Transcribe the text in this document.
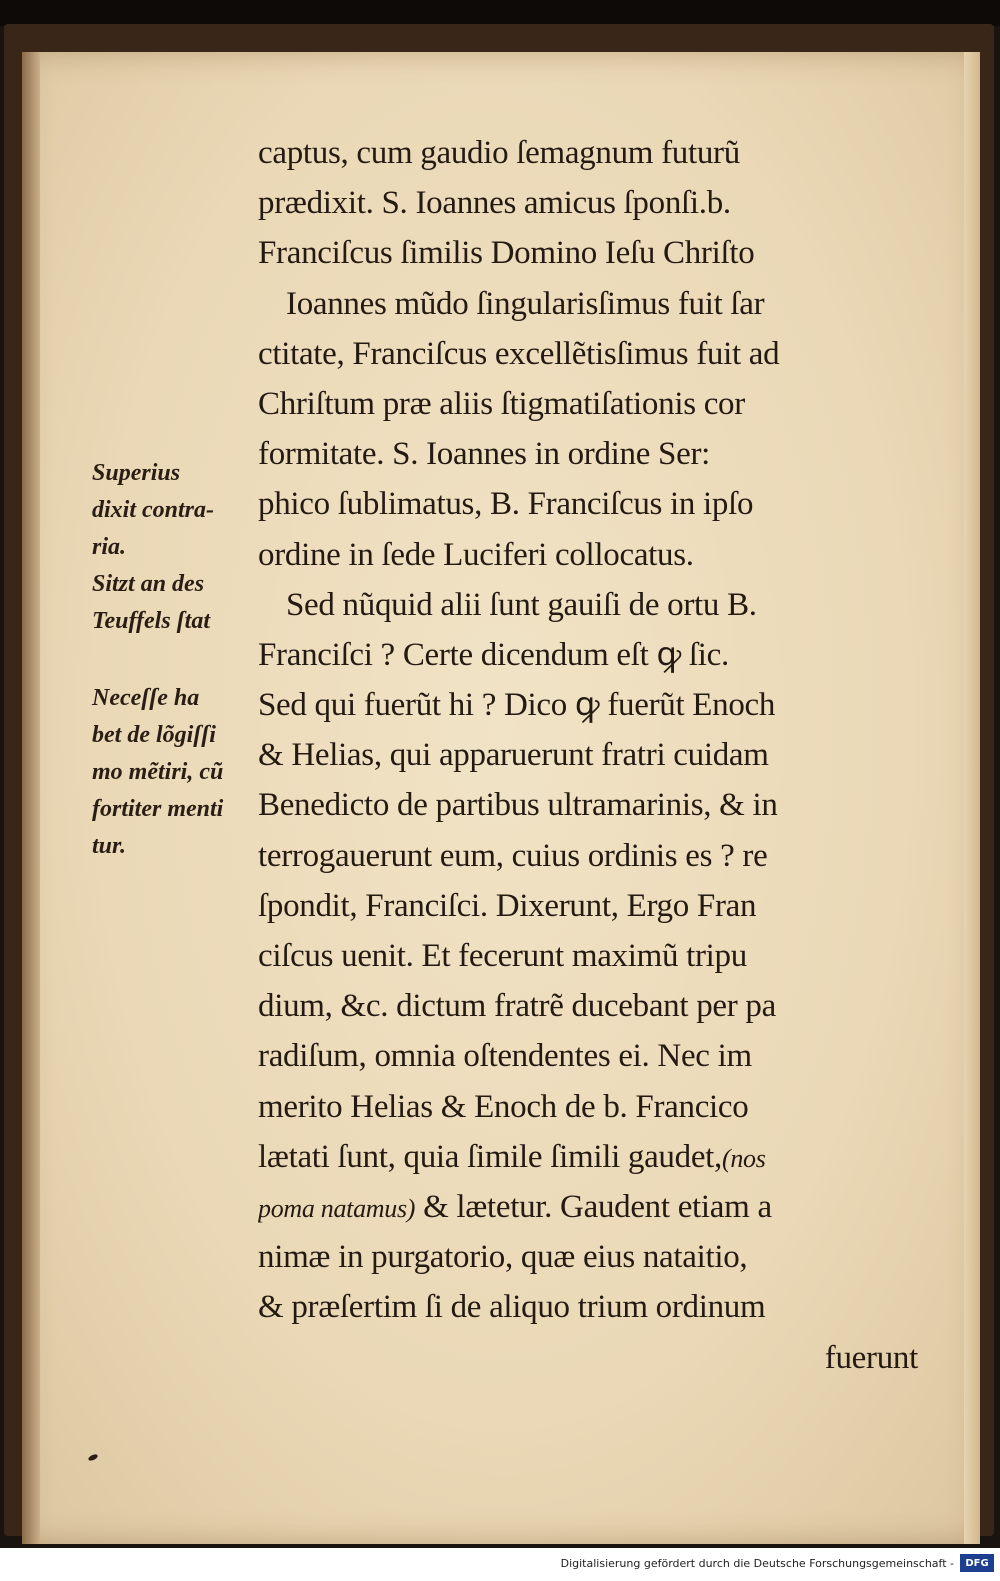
captus, cum gaudio ſemagnum futurũ
prædixit. S. Ioannes amicus ſponſi.b.
Franciſcus ſimilis Domino Ieſu Chriſto
Ioannes mũdo ſingularisſimus fuit ſar
ctitate, Franciſcus excellẽtisſimus fuit ad
Chriſtum præ aliis ſtigmatiſationis cor
formitate. S. Ioannes in ordine Ser:
phico ſublimatus, B. Franciſcus in ipſo
ordine in ſede Luciferi collocatus.
Sed nũquid alii ſunt gauiſi de ortu B.
Franciſci ? Certe dicendum eſt ꝙ ſic.
Sed qui fuerũt hi ? Dico ꝙ fuerũt Enoch
& Helias, qui apparuerunt fratri cuidam
Benedicto de partibus ultramarinis, & in
terrogauerunt eum, cuius ordinis es ? re
ſpondit, Franciſci. Dixerunt, Ergo Fran
ciſcus uenit. Et fecerunt maximũ tripu
dium, &c. dictum fratrẽ ducebant per pa
radiſum, omnia oſtendentes ei. Nec im
merito Helias & Enoch de b. Francico
lætati ſunt, quia ſimile ſimili gaudet,(nos
poma natamus) & lætetur. Gaudent etiam a
nimæ in purgatorio, quæ eius nataitio,
& præſertim ſi de aliquo trium ordinum
fuerunt
Superius
dixit contra-
ria.
Sitzt an des
Teuffels ſtat
Neceſſe ha
bet de lõgiſſi
mo mẽtiri, cũ
fortiter menti
tur.
Digitalisierung gefördert durch die Deutsche Forschungsgemeinschaft -	DFG
